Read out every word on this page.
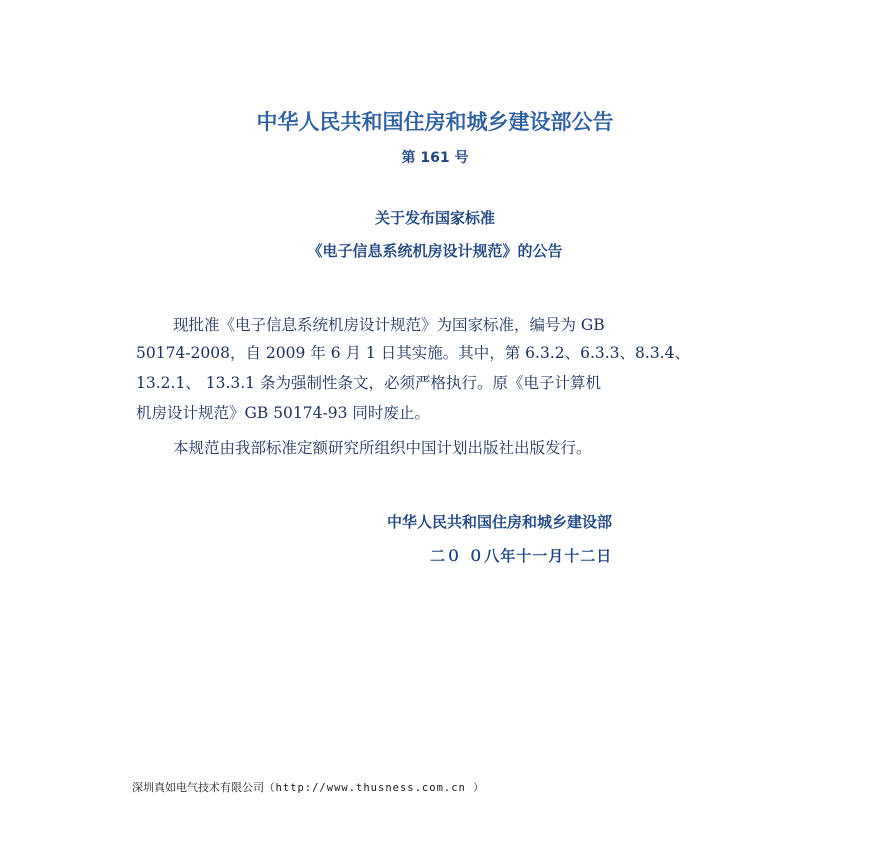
中华人民共和国住房和城乡建设部公告
第 161 号
关于发布国家标准
《电子信息系统机房设计规范》的公告
现批准《电子信息系统机房设计规范》为国家标准，编号为 GB
50174-2008，自 2009 年 6 月 1 日其实施。其中，第 6.3.2、6.3.3、8.3.4、
13.2.1、 13.3.1 条为强制性条文，必须严格执行。原《电子计算机
机房设计规范》GB 50174-93 同时废止。
本规范由我部标准定额研究所组织中国计划出版社出版发行。
中华人民共和国住房和城乡建设部
二０ ０八年十一月十二日
深圳真如电气技术有限公司（http://www.thusness.com.cn ）
